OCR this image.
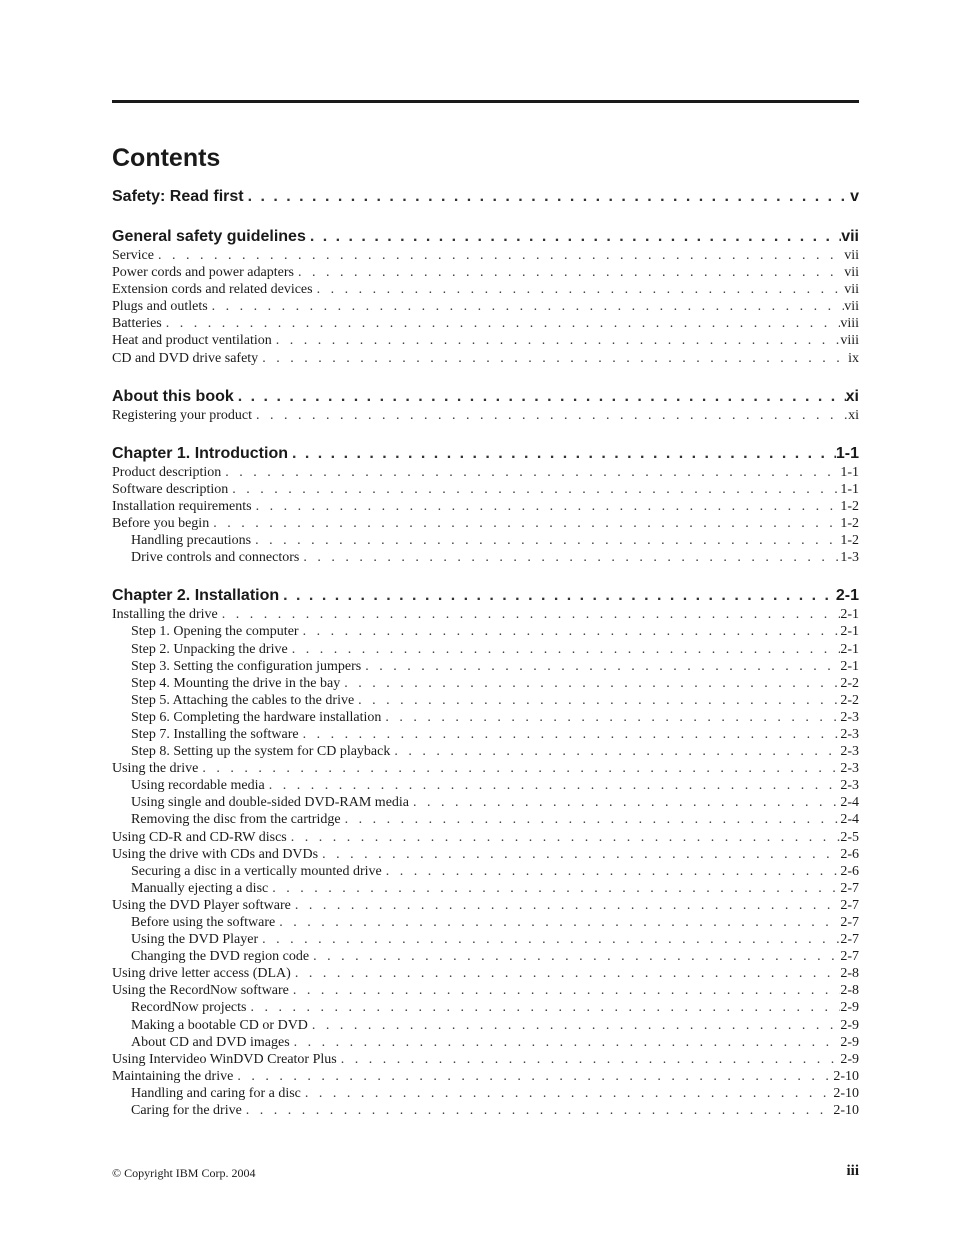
Contents
Safety: Read first . . .	v
General safety guidelines . . .	vii
Service . . .	vii
Power cords and power adapters . . .	vii
Extension cords and related devices . . .	vii
Plugs and outlets . . .	vii
Batteries . . .	viii
Heat and product ventilation . . .	viii
CD and DVD drive safety . . .	ix
About this book . . .	xi
Registering your product . . .	xi
Chapter 1. Introduction . . .	1-1
Product description . . .	1-1
Software description . . .	1-1
Installation requirements . . .	1-2
Before you begin . . .	1-2
Handling precautions . . .	1-2
Drive controls and connectors . . .	1-3
Chapter 2. Installation . . .	2-1
Installing the drive . . .	2-1
Step 1. Opening the computer . . .	2-1
Step 2. Unpacking the drive . . .	2-1
Step 3. Setting the configuration jumpers . . .	2-1
Step 4. Mounting the drive in the bay . . .	2-2
Step 5. Attaching the cables to the drive . . .	2-2
Step 6. Completing the hardware installation . . .	2-3
Step 7. Installing the software . . .	2-3
Step 8. Setting up the system for CD playback . . .	2-3
Using the drive . . .	2-3
Using recordable media . . .	2-3
Using single and double-sided DVD-RAM media . . .	2-4
Removing the disc from the cartridge . . .	2-4
Using CD-R and CD-RW discs . . .	2-5
Using the drive with CDs and DVDs . . .	2-6
Securing a disc in a vertically mounted drive . . .	2-6
Manually ejecting a disc . . .	2-7
Using the DVD Player software . . .	2-7
Before using the software . . .	2-7
Using the DVD Player . . .	2-7
Changing the DVD region code . . .	2-7
Using drive letter access (DLA) . . .	2-8
Using the RecordNow software . . .	2-8
RecordNow projects . . .	2-9
Making a bootable CD or DVD . . .	2-9
About CD and DVD images . . .	2-9
Using Intervideo WinDVD Creator Plus . . .	2-9
Maintaining the drive . . .	2-10
Handling and caring for a disc . . .	2-10
Caring for the drive . . .	2-10
© Copyright IBM Corp. 2004	iii
